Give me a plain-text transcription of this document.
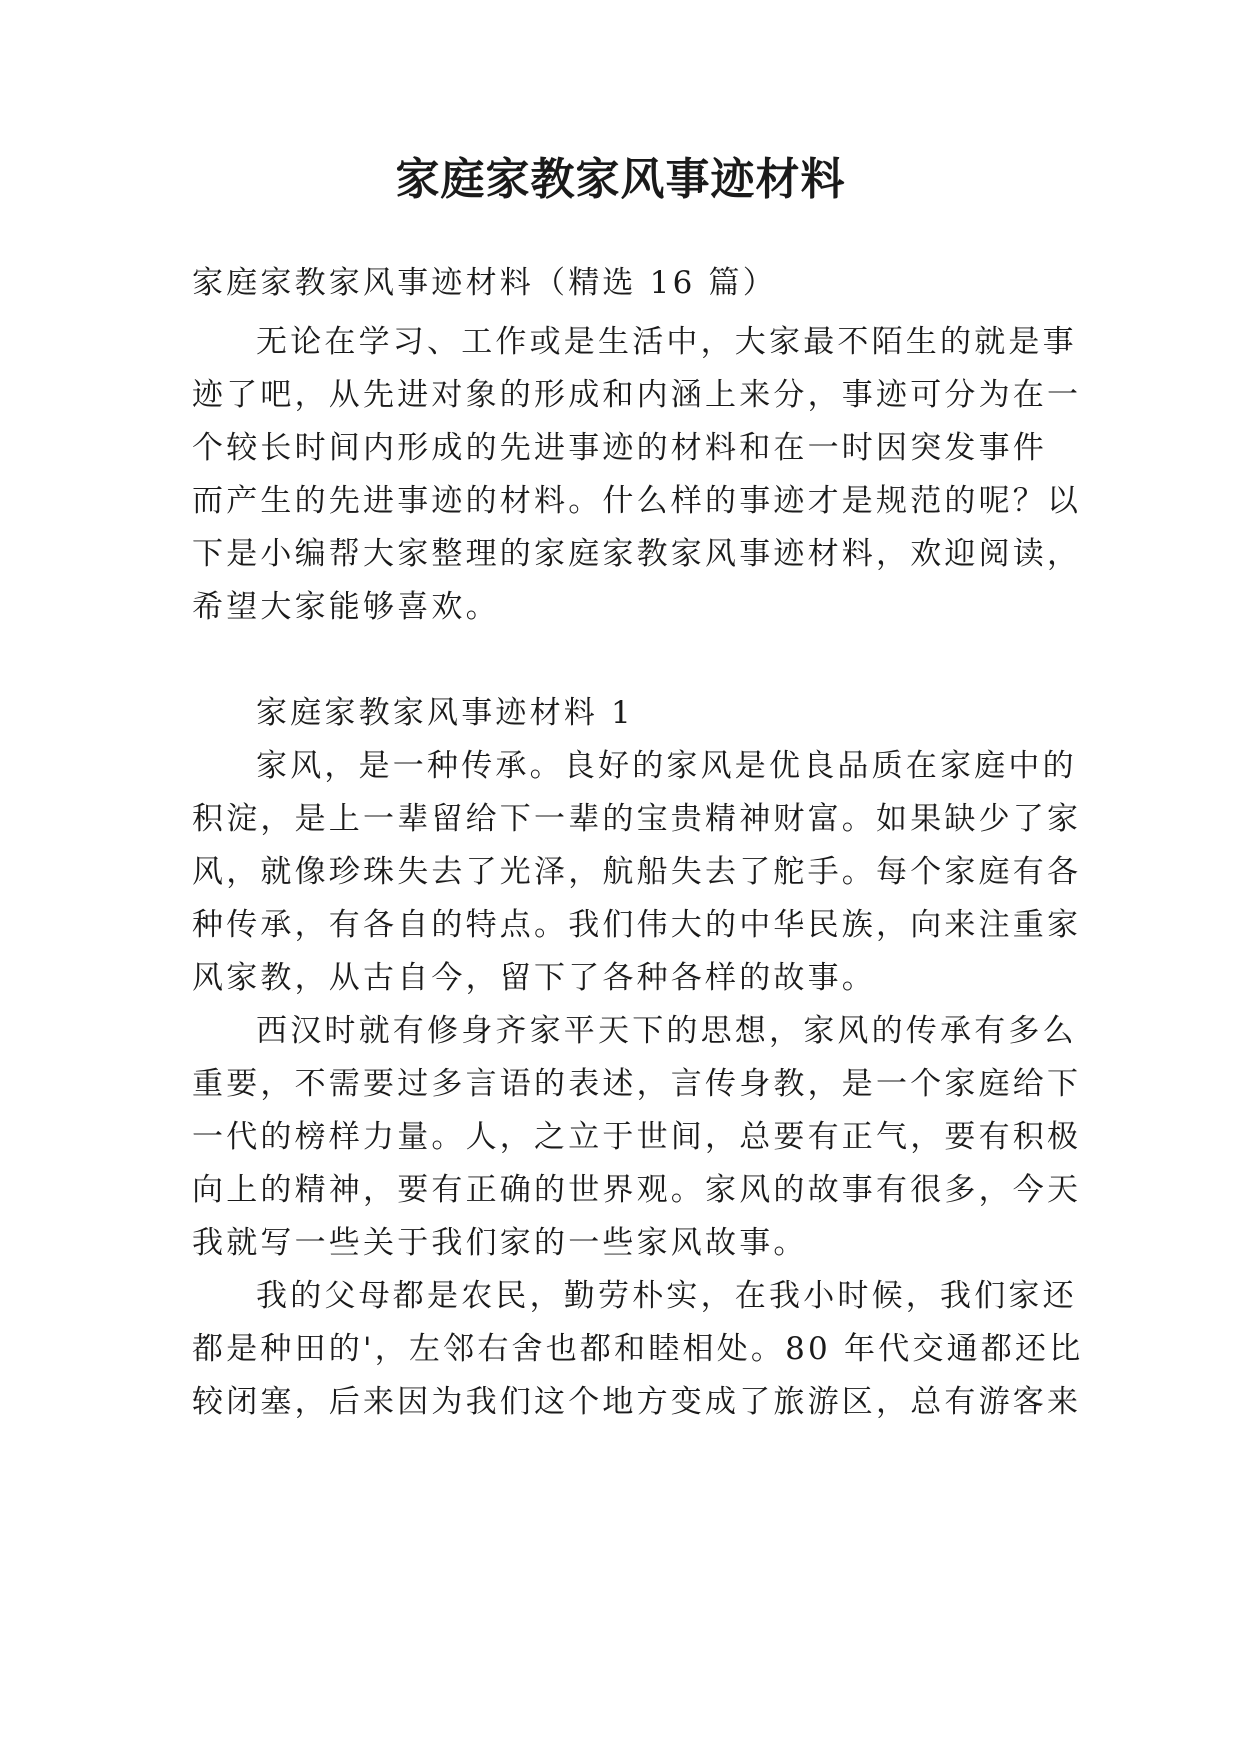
家庭家教家风事迹材料
家庭家教家风事迹材料（精选 16 篇）
无论在学习、工作或是生活中，大家最不陌生的就是事
迹了吧，从先进对象的形成和内涵上来分，事迹可分为在一
个较长时间内形成的先进事迹的材料和在一时因突发事件
而产生的先进事迹的材料。什么样的事迹才是规范的呢？以
下是小编帮大家整理的家庭家教家风事迹材料，欢迎阅读，
希望大家能够喜欢。
家庭家教家风事迹材料 1
家风，是一种传承。良好的家风是优良品质在家庭中的
积淀，是上一辈留给下一辈的宝贵精神财富。如果缺少了家
风，就像珍珠失去了光泽，航船失去了舵手。每个家庭有各
种传承，有各自的特点。我们伟大的中华民族，向来注重家
风家教，从古自今，留下了各种各样的故事。
西汉时就有修身齐家平天下的思想，家风的传承有多么
重要，不需要过多言语的表述，言传身教，是一个家庭给下
一代的榜样力量。人，之立于世间，总要有正气，要有积极
向上的精神，要有正确的世界观。家风的故事有很多，今天
我就写一些关于我们家的一些家风故事。
我的父母都是农民，勤劳朴实，在我小时候，我们家还
都是种田的'，左邻右舍也都和睦相处。80 年代交通都还比
较闭塞，后来因为我们这个地方变成了旅游区，总有游客来
